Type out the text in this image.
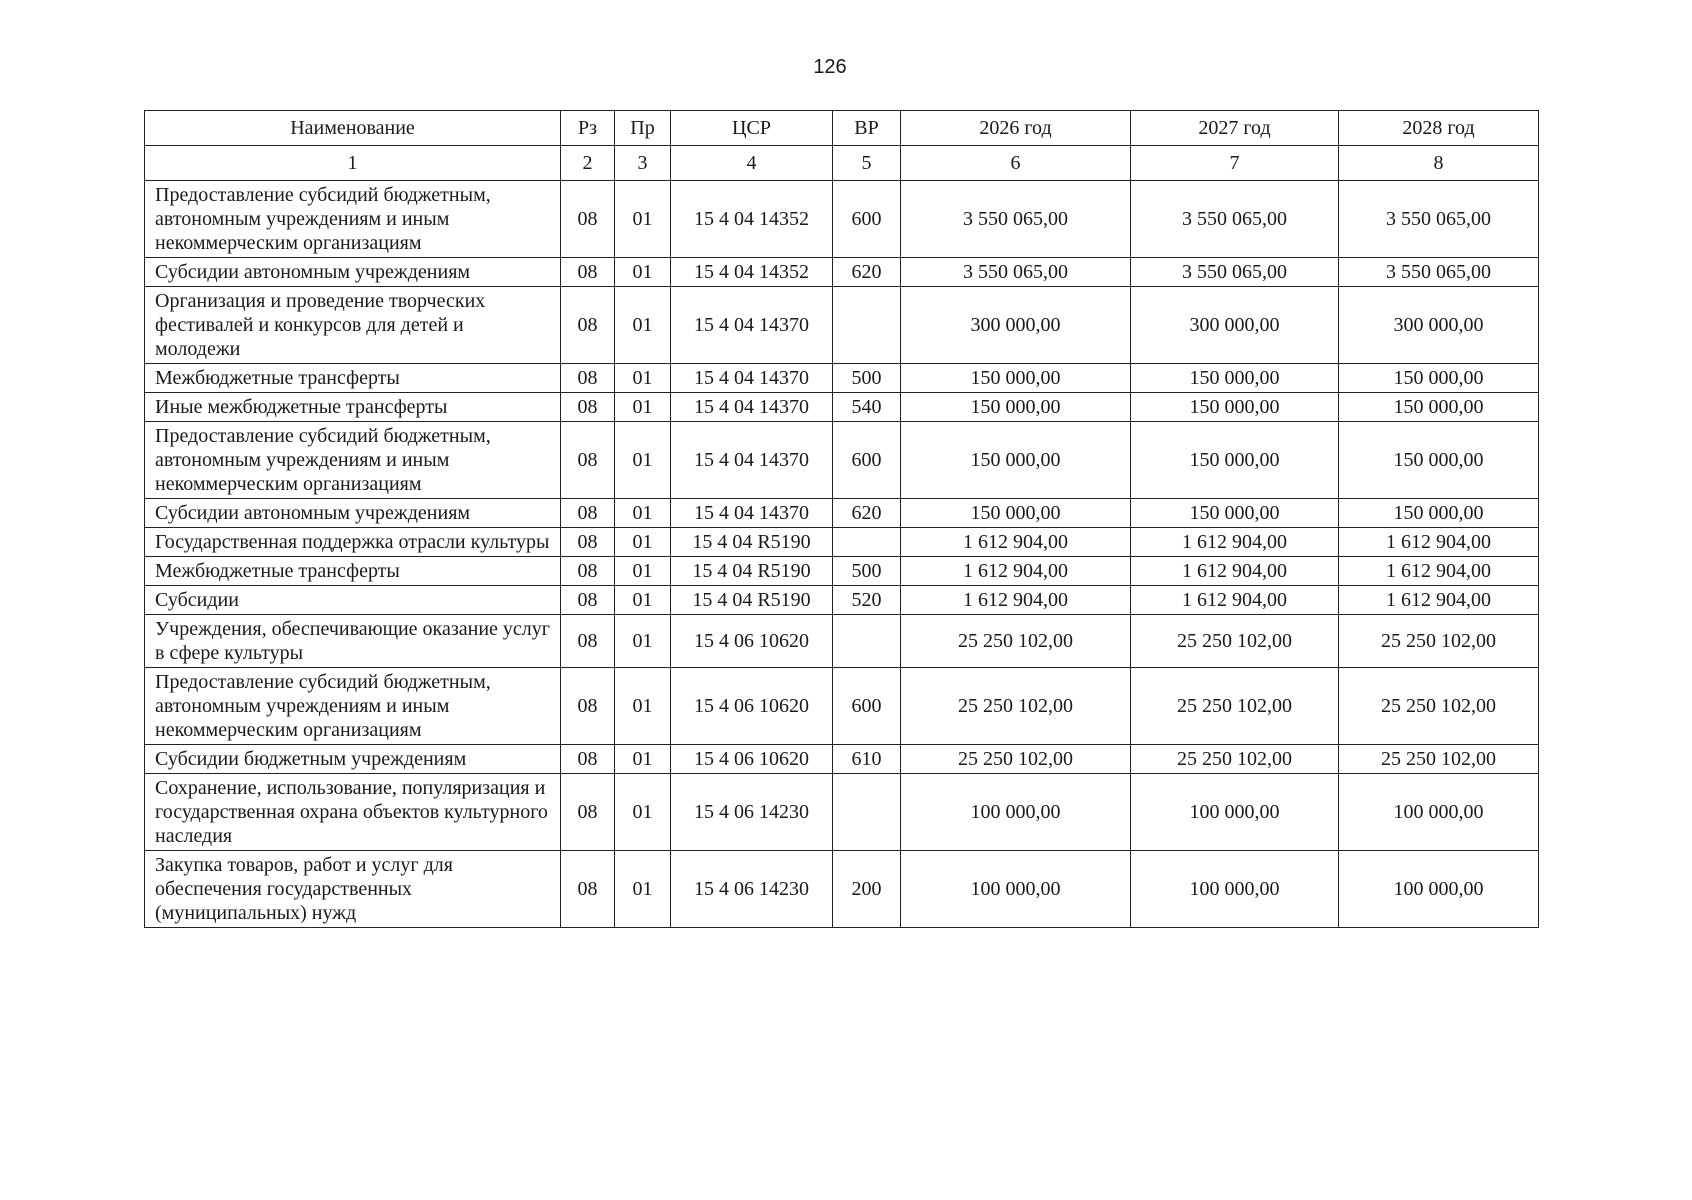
126
Наименование	Рз	Пр	ЦСР	ВР	2026 год	2027 год	2028 год
1	2	3	4	5	6	7	8
Предоставление субсидий бюджетным, автономным учреждениям и иным некоммерческим организациям	08	01	15 4 04 14352	600	3 550 065,00	3 550 065,00	3 550 065,00
Субсидии автономным учреждениям	08	01	15 4 04 14352	620	3 550 065,00	3 550 065,00	3 550 065,00
Организация и проведение творческих фестивалей и конкурсов для детей и молодежи	08	01	15 4 04 14370		300 000,00	300 000,00	300 000,00
Межбюджетные трансферты	08	01	15 4 04 14370	500	150 000,00	150 000,00	150 000,00
Иные межбюджетные трансферты	08	01	15 4 04 14370	540	150 000,00	150 000,00	150 000,00
Предоставление субсидий бюджетным, автономным учреждениям и иным некоммерческим организациям	08	01	15 4 04 14370	600	150 000,00	150 000,00	150 000,00
Субсидии автономным учреждениям	08	01	15 4 04 14370	620	150 000,00	150 000,00	150 000,00
Государственная поддержка отрасли культуры	08	01	15 4 04 R5190		1 612 904,00	1 612 904,00	1 612 904,00
Межбюджетные трансферты	08	01	15 4 04 R5190	500	1 612 904,00	1 612 904,00	1 612 904,00
Субсидии	08	01	15 4 04 R5190	520	1 612 904,00	1 612 904,00	1 612 904,00
Учреждения, обеспечивающие оказание услуг в сфере культуры	08	01	15 4 06 10620		25 250 102,00	25 250 102,00	25 250 102,00
Предоставление субсидий бюджетным, автономным учреждениям и иным некоммерческим организациям	08	01	15 4 06 10620	600	25 250 102,00	25 250 102,00	25 250 102,00
Субсидии бюджетным учреждениям	08	01	15 4 06 10620	610	25 250 102,00	25 250 102,00	25 250 102,00
Сохранение, использование, популяризация и государственная охрана объектов культурного наследия	08	01	15 4 06 14230		100 000,00	100 000,00	100 000,00
Закупка товаров, работ и услуг для обеспечения государственных (муниципальных) нужд	08	01	15 4 06 14230	200	100 000,00	100 000,00	100 000,00
